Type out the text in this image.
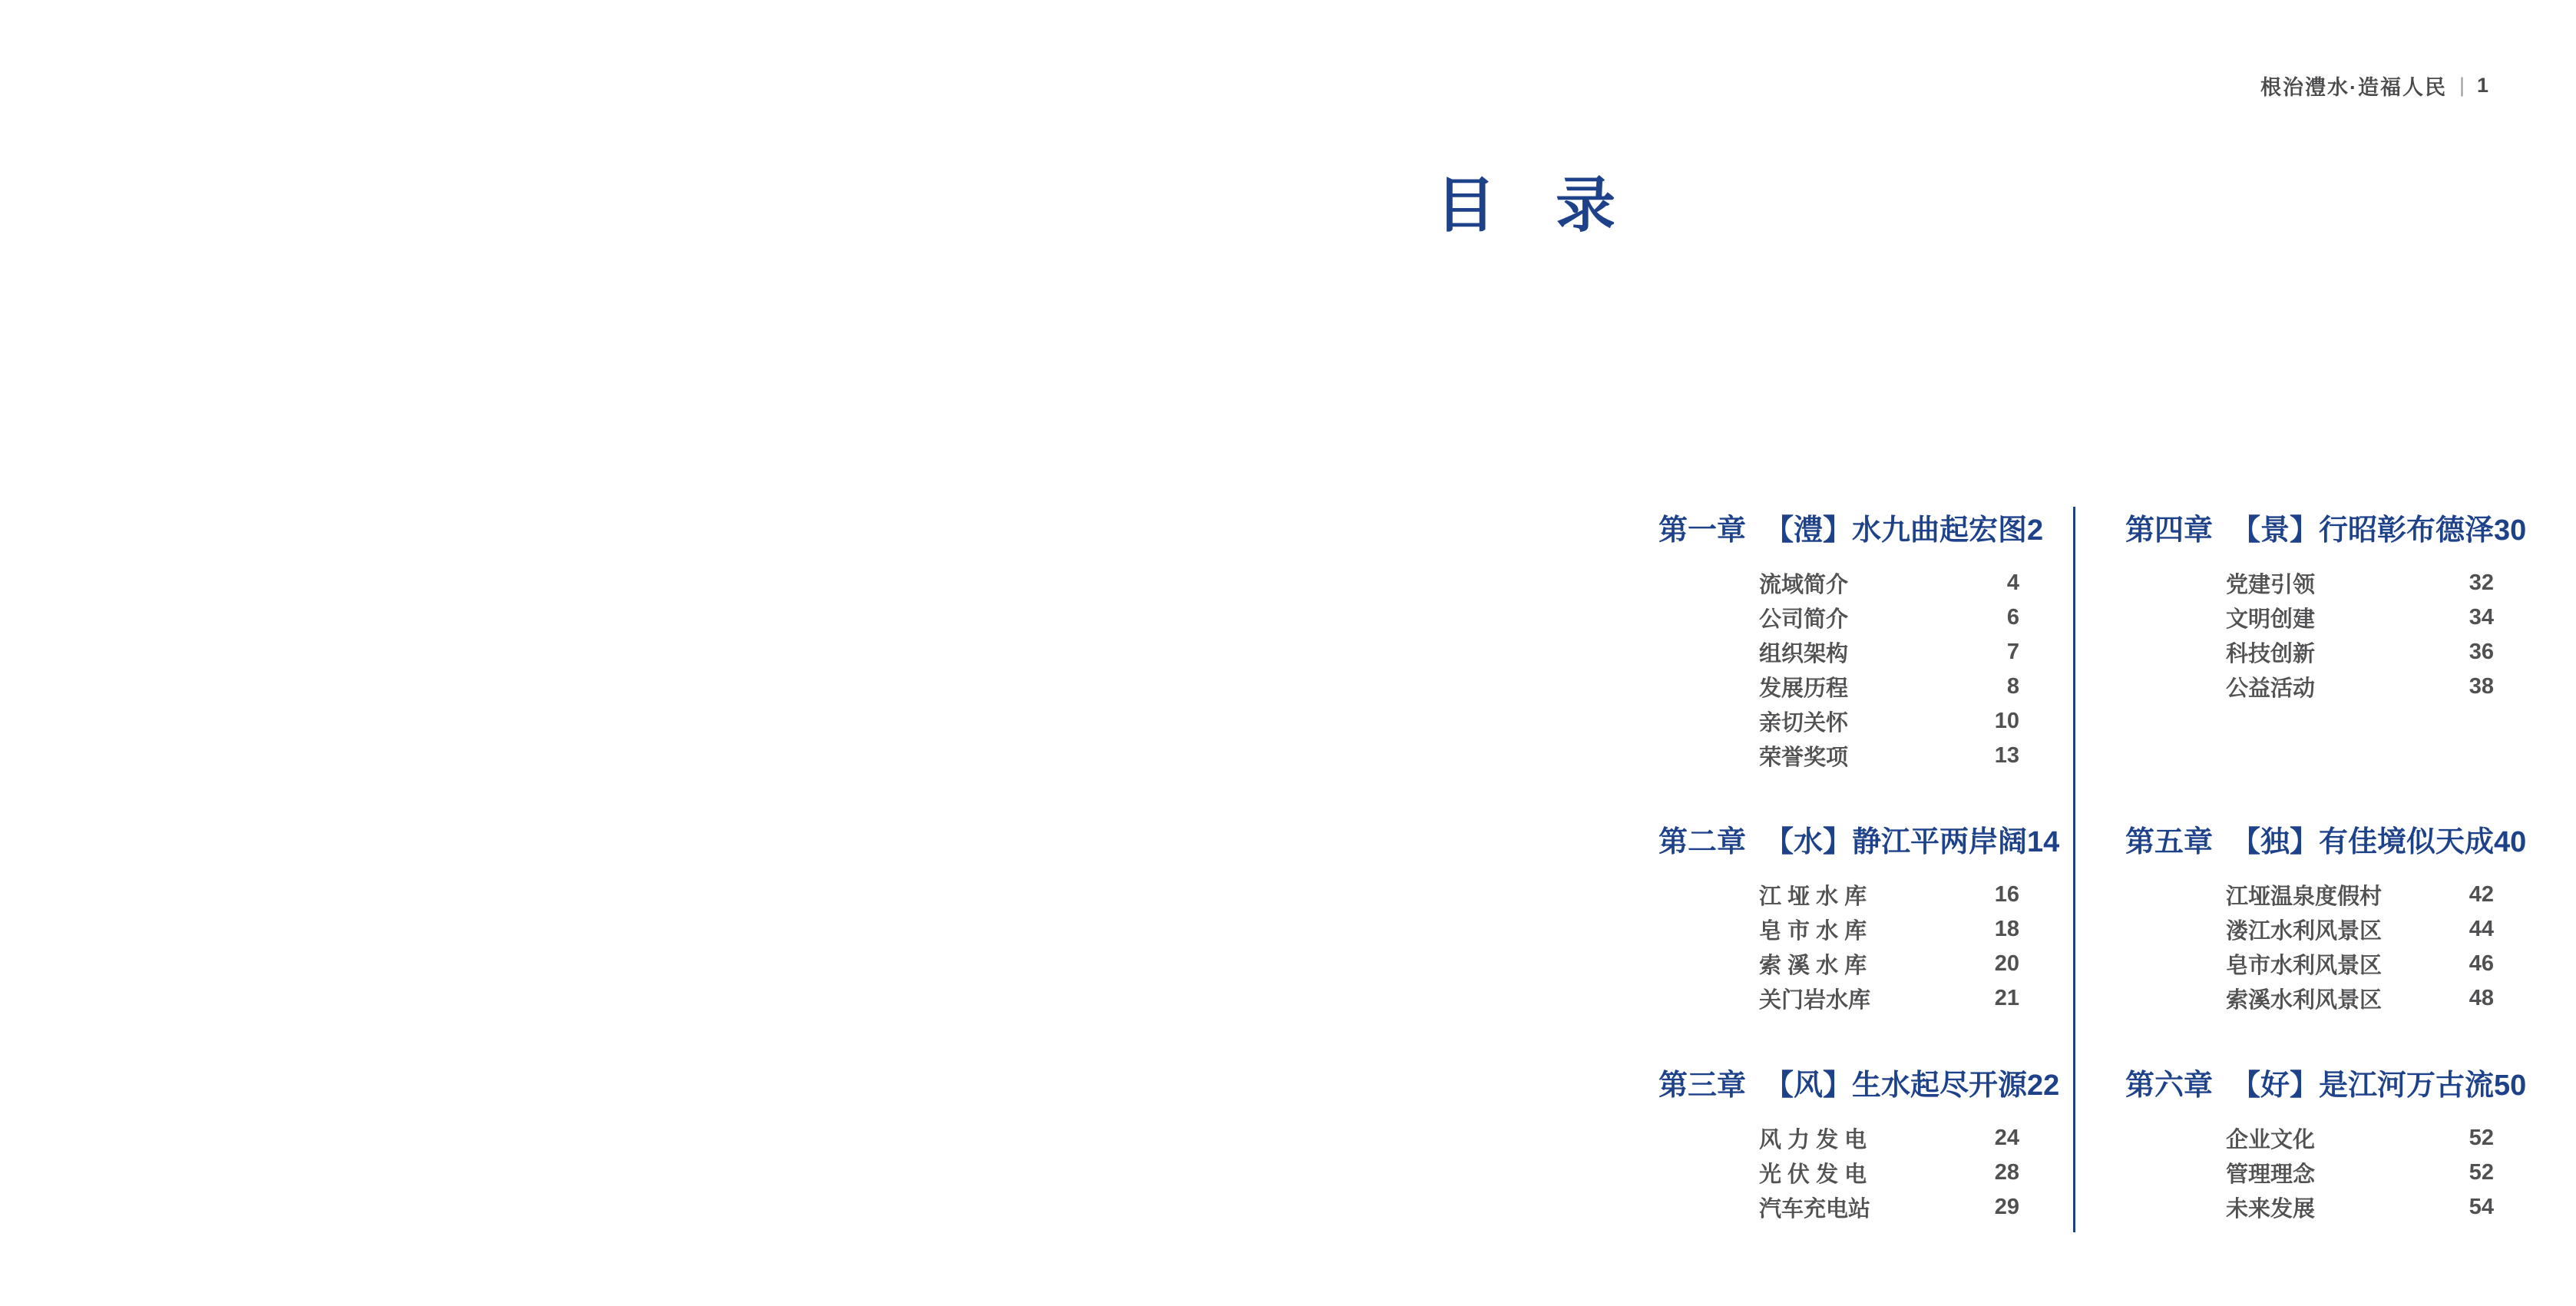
根治澧水·造福人民 | 1
目　录
第一章 【澧】水九曲起宏图 2
流域简介	4
公司简介	6
组织架构	7
发展历程	8
亲切关怀	10
荣誉奖项	13
第二章 【水】静江平两岸阔 14
江 垭 水 库	16
皂 市 水 库	18
索 溪 水 库	20
关门岩水库	21
第三章 【风】生水起尽开源 22
风 力 发 电	24
光 伏 发 电	28
汽车充电站	29
第四章 【景】行昭彰布德泽 30
党建引领	32
文明创建	34
科技创新	36
公益活动	38
第五章 【独】有佳境似天成 40
江垭温泉度假村	42
溇江水利风景区	44
皂市水利风景区	46
索溪水利风景区	48
第六章 【好】是江河万古流 50
企业文化	52
管理理念	52
未来发展	54
